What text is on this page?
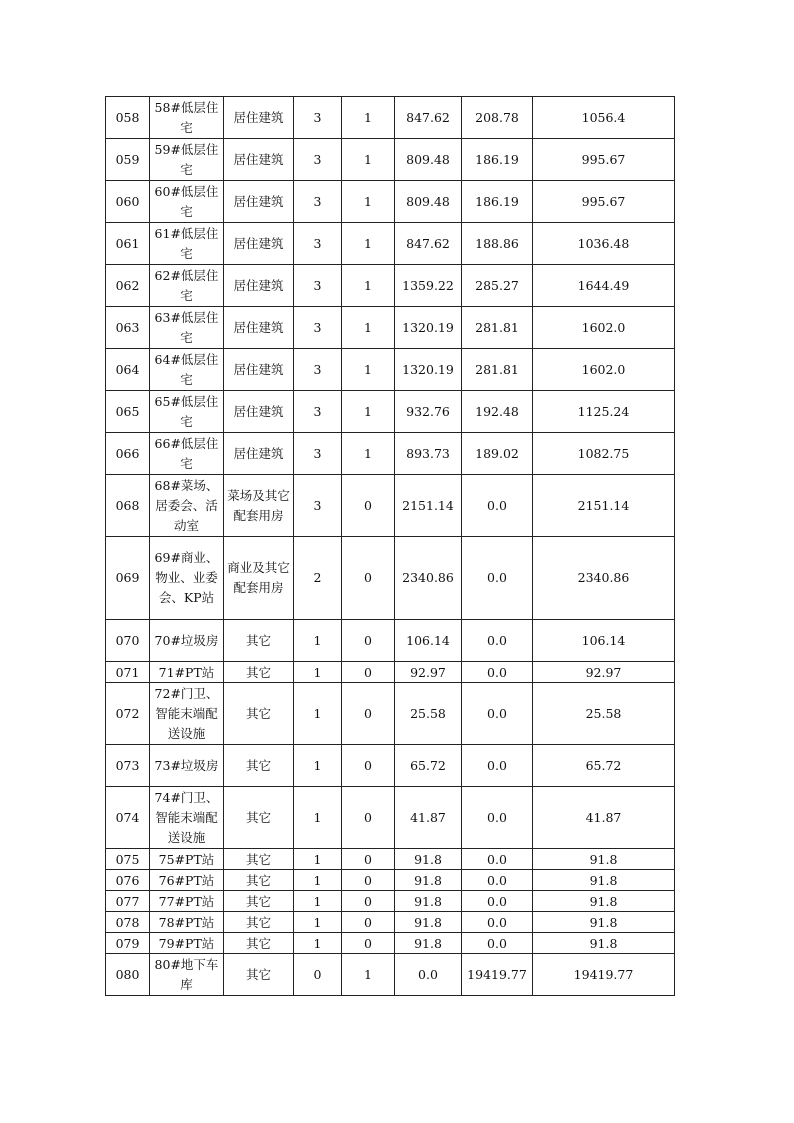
058	58#低层住宅	居住建筑	3	1	847.62	208.78	1056.4
059	59#低层住宅	居住建筑	3	1	809.48	186.19	995.67
060	60#低层住宅	居住建筑	3	1	809.48	186.19	995.67
061	61#低层住宅	居住建筑	3	1	847.62	188.86	1036.48
062	62#低层住宅	居住建筑	3	1	1359.22	285.27	1644.49
063	63#低层住宅	居住建筑	3	1	1320.19	281.81	1602.0
064	64#低层住宅	居住建筑	3	1	1320.19	281.81	1602.0
065	65#低层住宅	居住建筑	3	1	932.76	192.48	1125.24
066	66#低层住宅	居住建筑	3	1	893.73	189.02	1082.75
068	68#菜场、居委会、活动室	菜场及其它配套用房	3	0	2151.14	0.0	2151.14
069	69#商业、物业、业委会、KP站	商业及其它配套用房	2	0	2340.86	0.0	2340.86
070	70#垃圾房	其它	1	0	106.14	0.0	106.14
071	71#PT站	其它	1	0	92.97	0.0	92.97
072	72#门卫、智能末端配送设施	其它	1	0	25.58	0.0	25.58
073	73#垃圾房	其它	1	0	65.72	0.0	65.72
074	74#门卫、智能末端配送设施	其它	1	0	41.87	0.0	41.87
075	75#PT站	其它	1	0	91.8	0.0	91.8
076	76#PT站	其它	1	0	91.8	0.0	91.8
077	77#PT站	其它	1	0	91.8	0.0	91.8
078	78#PT站	其它	1	0	91.8	0.0	91.8
079	79#PT站	其它	1	0	91.8	0.0	91.8
080	80#地下车库	其它	0	1	0.0	19419.77	19419.77
